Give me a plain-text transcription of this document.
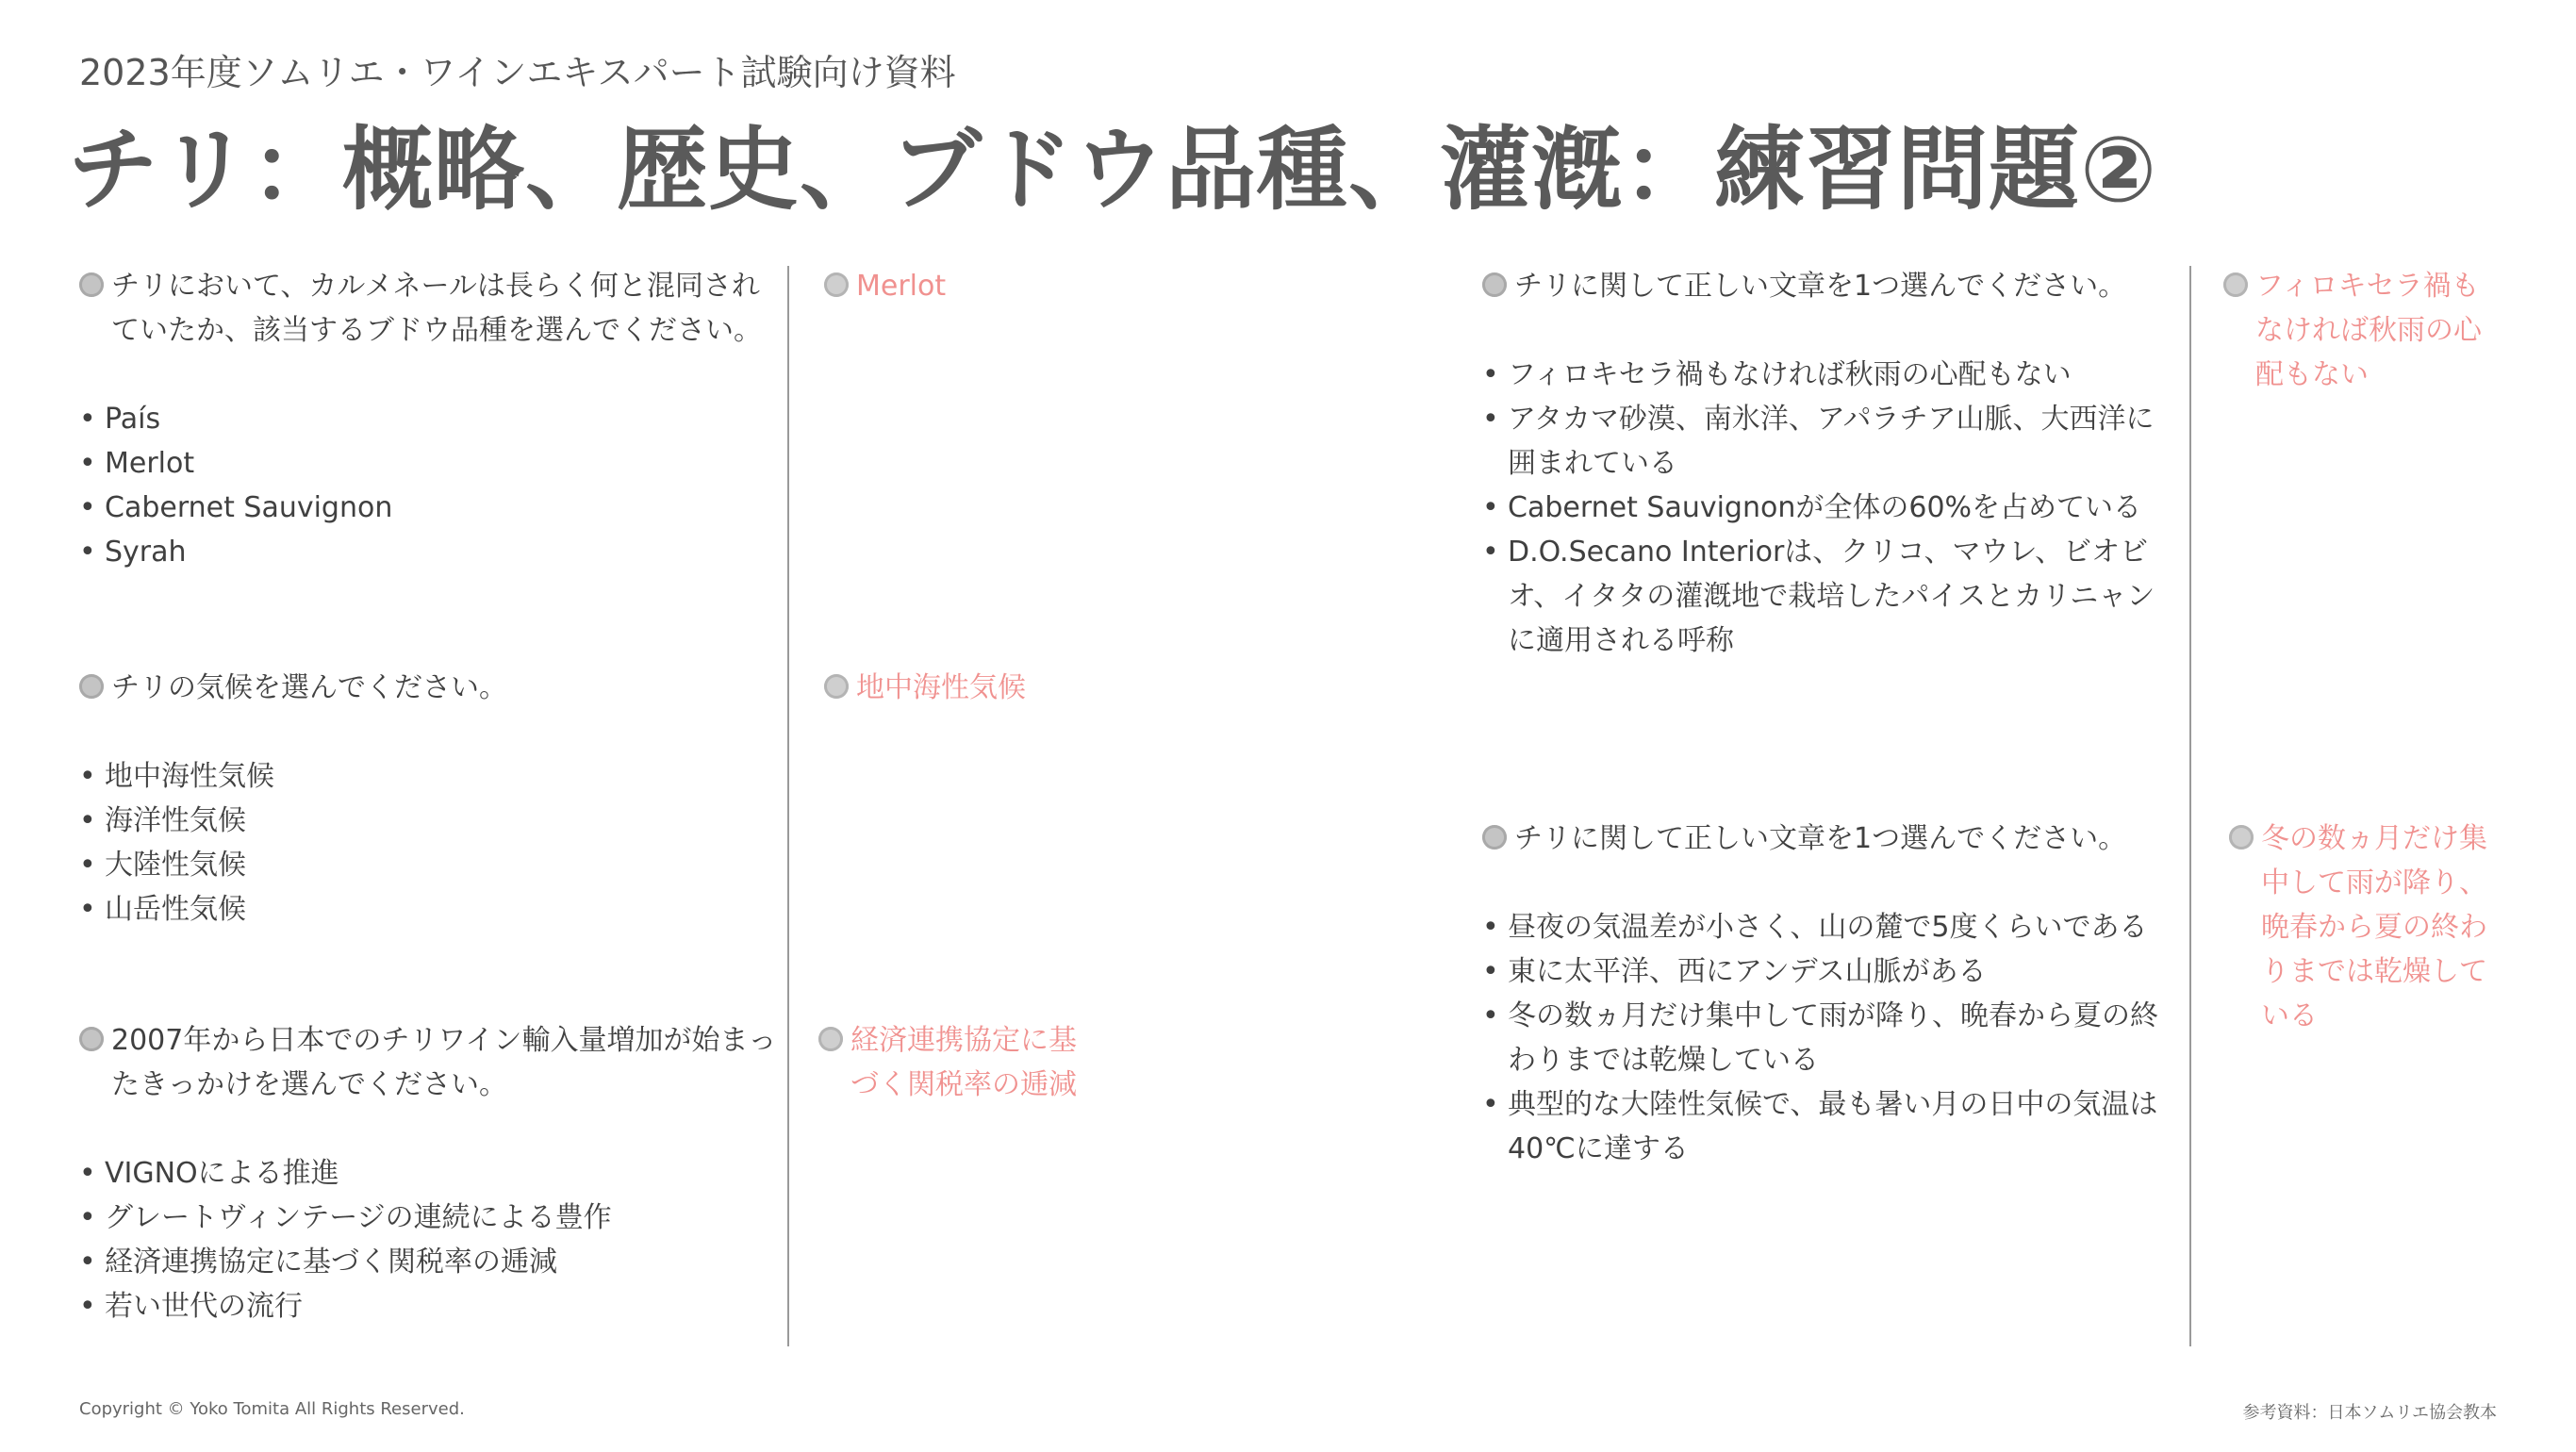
2023年度ソムリエ・ワインエキスパート試験向け資料
チリ：概略、歴史、ブドウ品種、灌漑：練習問題②
チリにおいて、カルメネールは長らく何と混同されていたか、該当するブドウ品種を選んでください。
• País
• Merlot
• Cabernet Sauvignon
• Syrah
Merlot
チリの気候を選んでください。
• 地中海性気候
• 海洋性気候
• 大陸性気候
• 山岳性気候
地中海性気候
2007年から日本でのチリワイン輸入量増加が始まったきっかけを選んでください。
• VIGNOによる推進
• グレートヴィンテージの連続による豊作
• 経済連携協定に基づく関税率の逓減
• 若い世代の流行
経済連携協定に基づく関税率の逓減
チリに関して正しい文章を1つ選んでください。
• フィロキセラ禍もなければ秋雨の心配もない
• アタカマ砂漠、南氷洋、アパラチア山脈、大西洋に囲まれている
• Cabernet Sauvignonが全体の60%を占めている
• D.O.Secano Interiorは、クリコ、マウレ、ビオビオ、イタタの灌漑地で栽培したパイスとカリニャンに適用される呼称
フィロキセラ禍もなければ秋雨の心配もない
チリに関して正しい文章を1つ選んでください。
• 昼夜の気温差が小さく、山の麓で5度くらいである
• 東に太平洋、西にアンデス山脈がある
• 冬の数ヵ月だけ集中して雨が降り、晩春から夏の終わりまでは乾燥している
• 典型的な大陸性気候で、最も暑い月の日中の気温は40℃に達する
冬の数ヵ月だけ集中して雨が降り、晩春から夏の終わりまでは乾燥している
Copyright © Yoko Tomita All Rights Reserved.	参考資料：日本ソムリエ協会教本
